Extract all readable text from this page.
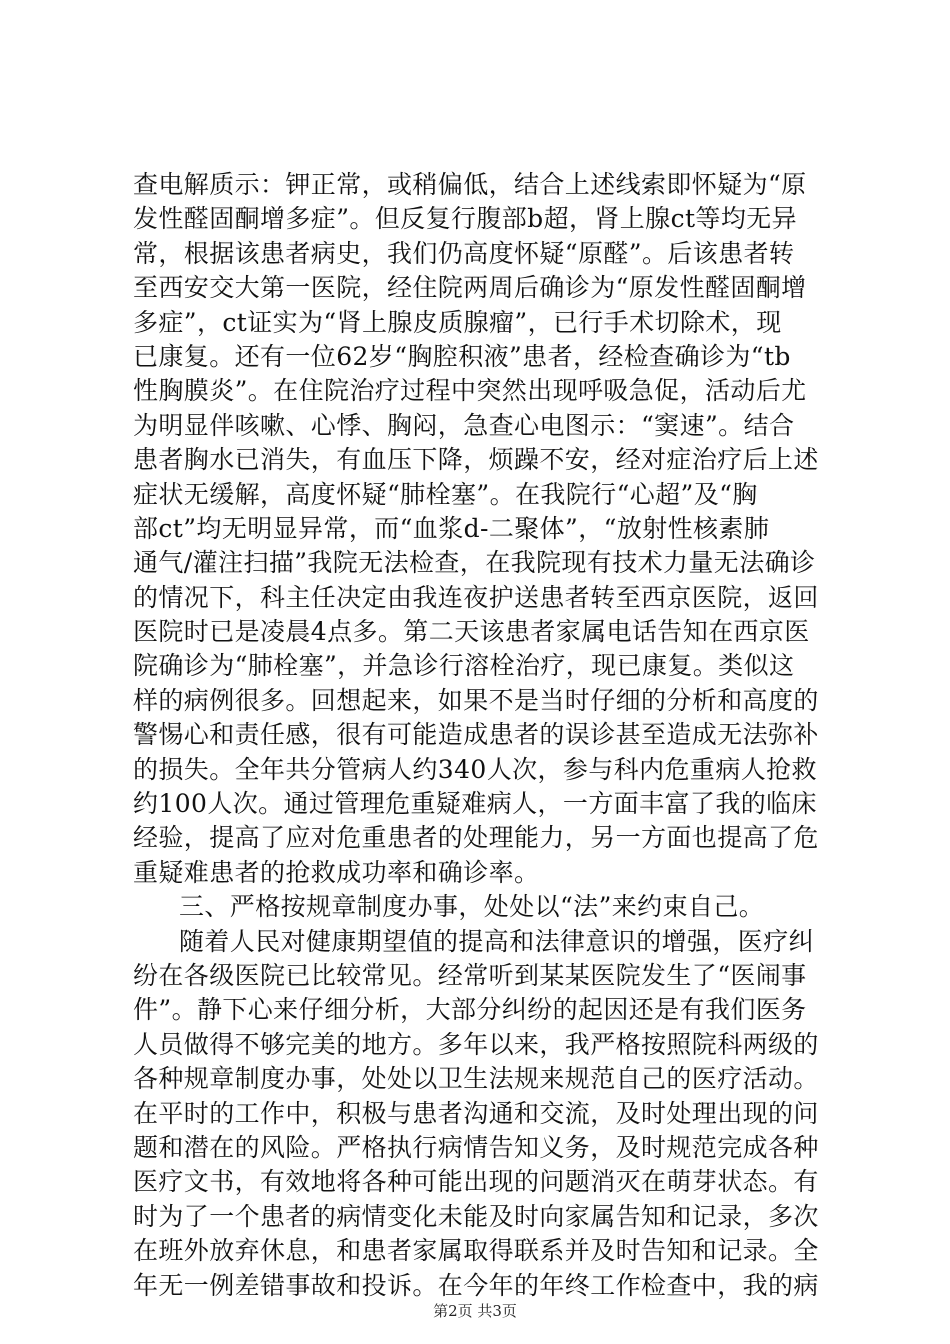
查电解质示：钾正常，或稍偏低，结合上述线索即怀疑为“原
发性醛固酮增多症”。但反复行腹部b超，肾上腺ct等均无异
常，根据该患者病史，我们仍高度怀疑“原醛”。后该患者转
至西安交大第一医院，经住院两周后确诊为“原发性醛固酮增
多症”，ct证实为“肾上腺皮质腺瘤”，已行手术切除术，现
已康复。还有一位62岁“胸腔积液”患者，经检查确诊为“tb
性胸膜炎”。在住院治疗过程中突然出现呼吸急促，活动后尤
为明显伴咳嗽、心悸、胸闷，急查心电图示：“窦速”。结合
患者胸水已消失，有血压下降，烦躁不安，经对症治疗后上述
症状无缓解，高度怀疑“肺栓塞”。在我院行“心超”及“胸
部ct”均无明显异常，而“血浆d-二聚体”，“放射性核素肺
通气/灌注扫描”我院无法检查，在我院现有技术力量无法确诊
的情况下，科主任决定由我连夜护送患者转至西京医院，返回
医院时已是凌晨4点多。第二天该患者家属电话告知在西京医
院确诊为“肺栓塞”，并急诊行溶栓治疗，现已康复。类似这
样的病例很多。回想起来，如果不是当时仔细的分析和高度的
警惕心和责任感，很有可能造成患者的误诊甚至造成无法弥补
的损失。全年共分管病人约340人次，参与科内危重病人抢救
约100人次。通过管理危重疑难病人，一方面丰富了我的临床
经验，提高了应对危重患者的处理能力，另一方面也提高了危
重疑难患者的抢救成功率和确诊率。
三、严格按规章制度办事，处处以“法”来约束自己。
随着人民对健康期望值的提高和法律意识的增强，医疗纠
纷在各级医院已比较常见。经常听到某某医院发生了“医闹事
件”。静下心来仔细分析，大部分纠纷的起因还是有我们医务
人员做得不够完美的地方。多年以来，我严格按照院科两级的
各种规章制度办事，处处以卫生法规来规范自己的医疗活动。
在平时的工作中，积极与患者沟通和交流，及时处理出现的问
题和潜在的风险。严格执行病情告知义务，及时规范完成各种
医疗文书，有效地将各种可能出现的问题消灭在萌芽状态。有
时为了一个患者的病情变化未能及时向家属告知和记录，多次
在班外放弃休息，和患者家属取得联系并及时告知和记录。全
年无一例差错事故和投诉。在今年的年终工作检查中，我的病
第2页 共3页
